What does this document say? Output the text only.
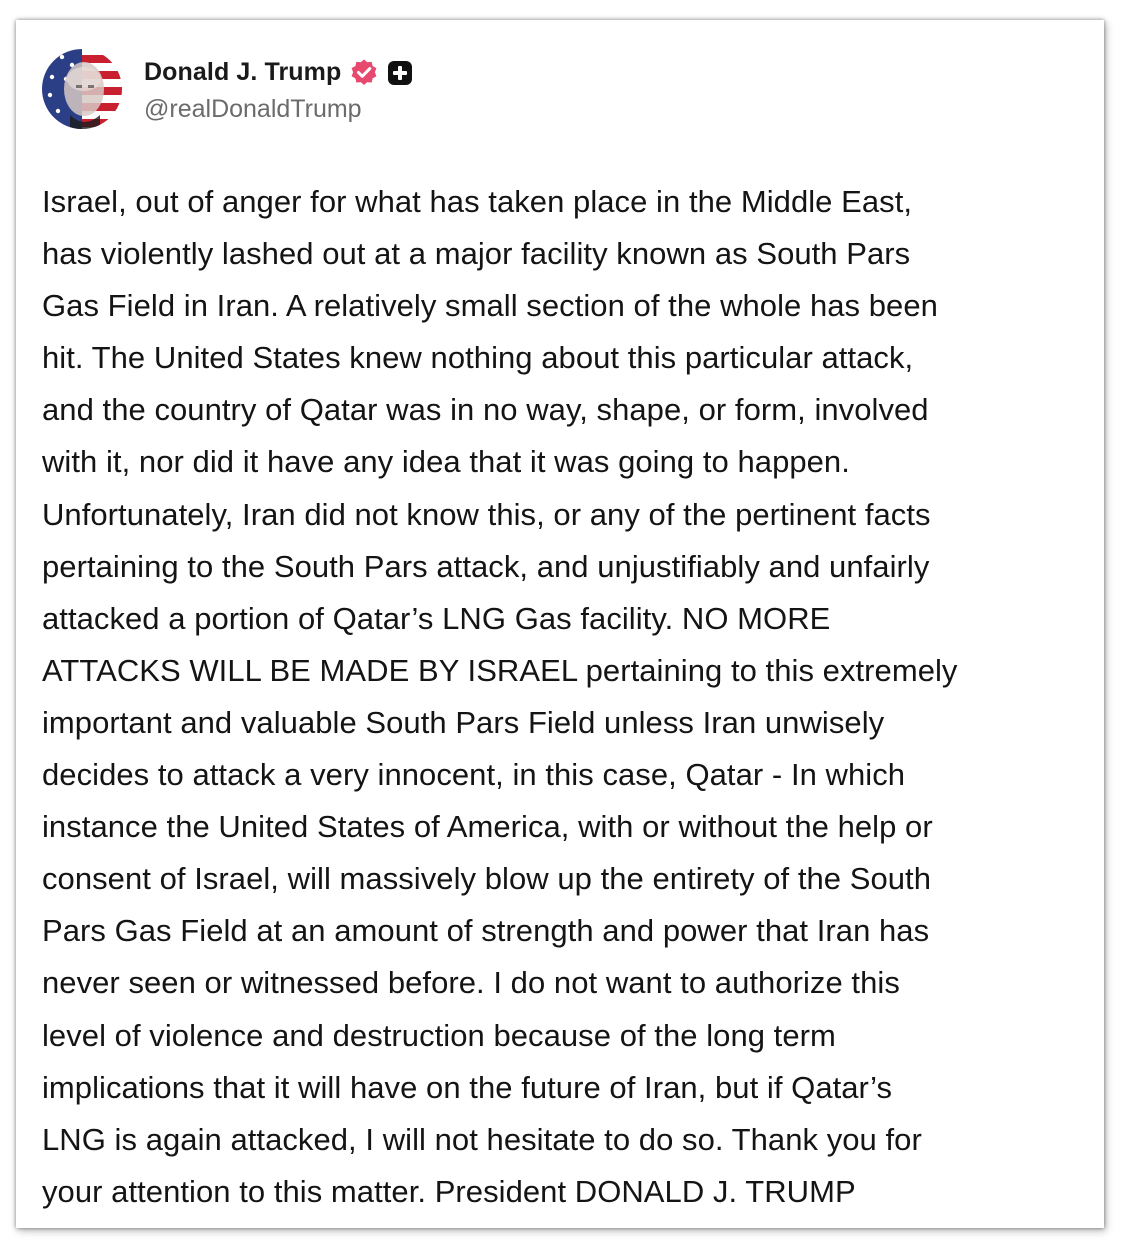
Donald J. Trump
@realDonaldTrump

Israel, out of anger for what has taken place in the Middle East,
has violently lashed out at a major facility known as South Pars
Gas Field in Iran. A relatively small section of the whole has been
hit. The United States knew nothing about this particular attack,
and the country of Qatar was in no way, shape, or form, involved
with it, nor did it have any idea that it was going to happen.
Unfortunately, Iran did not know this, or any of the pertinent facts
pertaining to the South Pars attack, and unjustifiably and unfairly
attacked a portion of Qatar’s LNG Gas facility. NO MORE
ATTACKS WILL BE MADE BY ISRAEL pertaining to this extremely
important and valuable South Pars Field unless Iran unwisely
decides to attack a very innocent, in this case, Qatar - In which
instance the United States of America, with or without the help or
consent of Israel, will massively blow up the entirety of the South
Pars Gas Field at an amount of strength and power that Iran has
never seen or witnessed before. I do not want to authorize this
level of violence and destruction because of the long term
implications that it will have on the future of Iran, but if Qatar’s
LNG is again attacked, I will not hesitate to do so. Thank you for
your attention to this matter. President DONALD J. TRUMP
